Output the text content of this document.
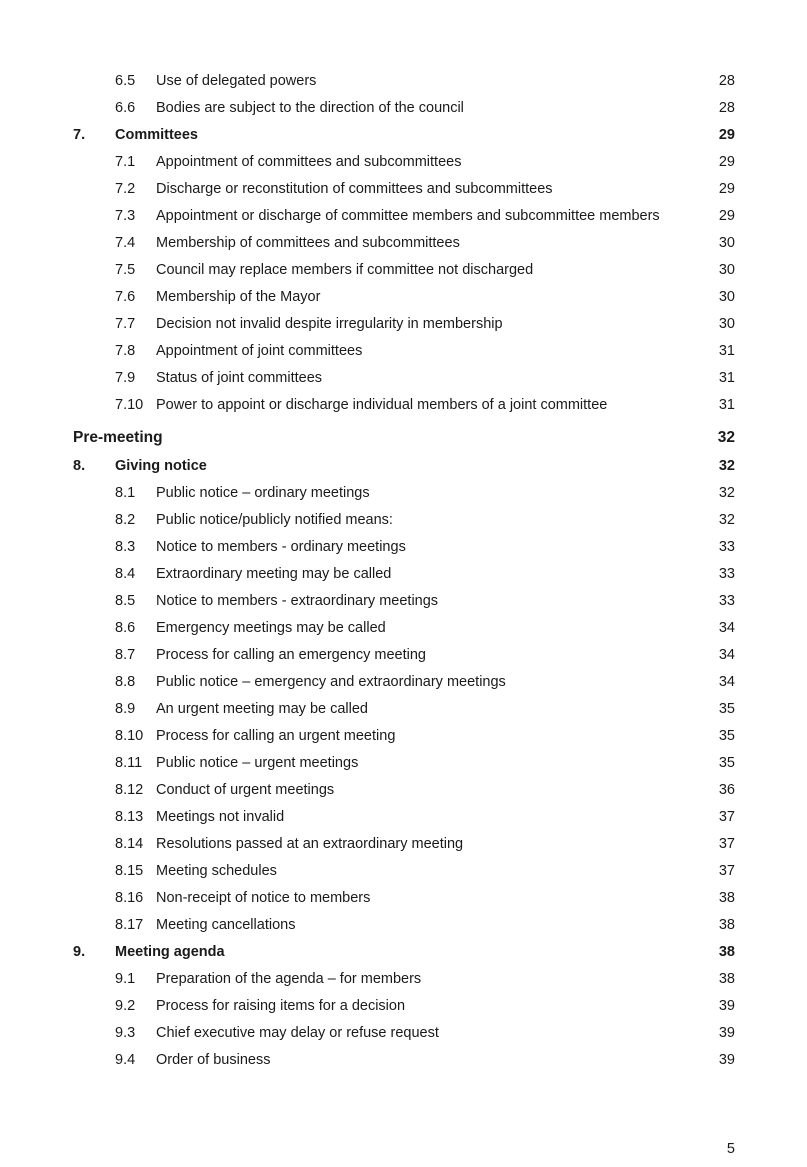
6.5 Use of delegated powers	28
6.6 Bodies are subject to the direction of the council	28
7. Committees	29
7.1 Appointment of committees and subcommittees	29
7.2 Discharge or reconstitution of committees and subcommittees	29
7.3 Appointment or discharge of committee members and subcommittee members	29
7.4 Membership of committees and subcommittees	30
7.5 Council may replace members if committee not discharged	30
7.6 Membership of the Mayor	30
7.7 Decision not invalid despite irregularity in membership	30
7.8 Appointment of joint committees	31
7.9 Status of joint committees	31
7.10 Power to appoint or discharge individual members of a joint committee	31
Pre-meeting	32
8. Giving notice	32
8.1 Public notice – ordinary meetings	32
8.2 Public notice/publicly notified means:	32
8.3 Notice to members - ordinary meetings	33
8.4 Extraordinary meeting may be called	33
8.5 Notice to members - extraordinary meetings	33
8.6 Emergency meetings may be called	34
8.7 Process for calling an emergency meeting	34
8.8 Public notice – emergency and extraordinary meetings	34
8.9 An urgent meeting may be called	35
8.10 Process for calling an urgent meeting	35
8.11 Public notice – urgent meetings	35
8.12 Conduct of urgent meetings	36
8.13 Meetings not invalid	37
8.14 Resolutions passed at an extraordinary meeting	37
8.15 Meeting schedules	37
8.16 Non-receipt of notice to members	38
8.17 Meeting cancellations	38
9. Meeting agenda	38
9.1 Preparation of the agenda – for members	38
9.2 Process for raising items for a decision	39
9.3 Chief executive may delay or refuse request	39
9.4 Order of business	39
5
